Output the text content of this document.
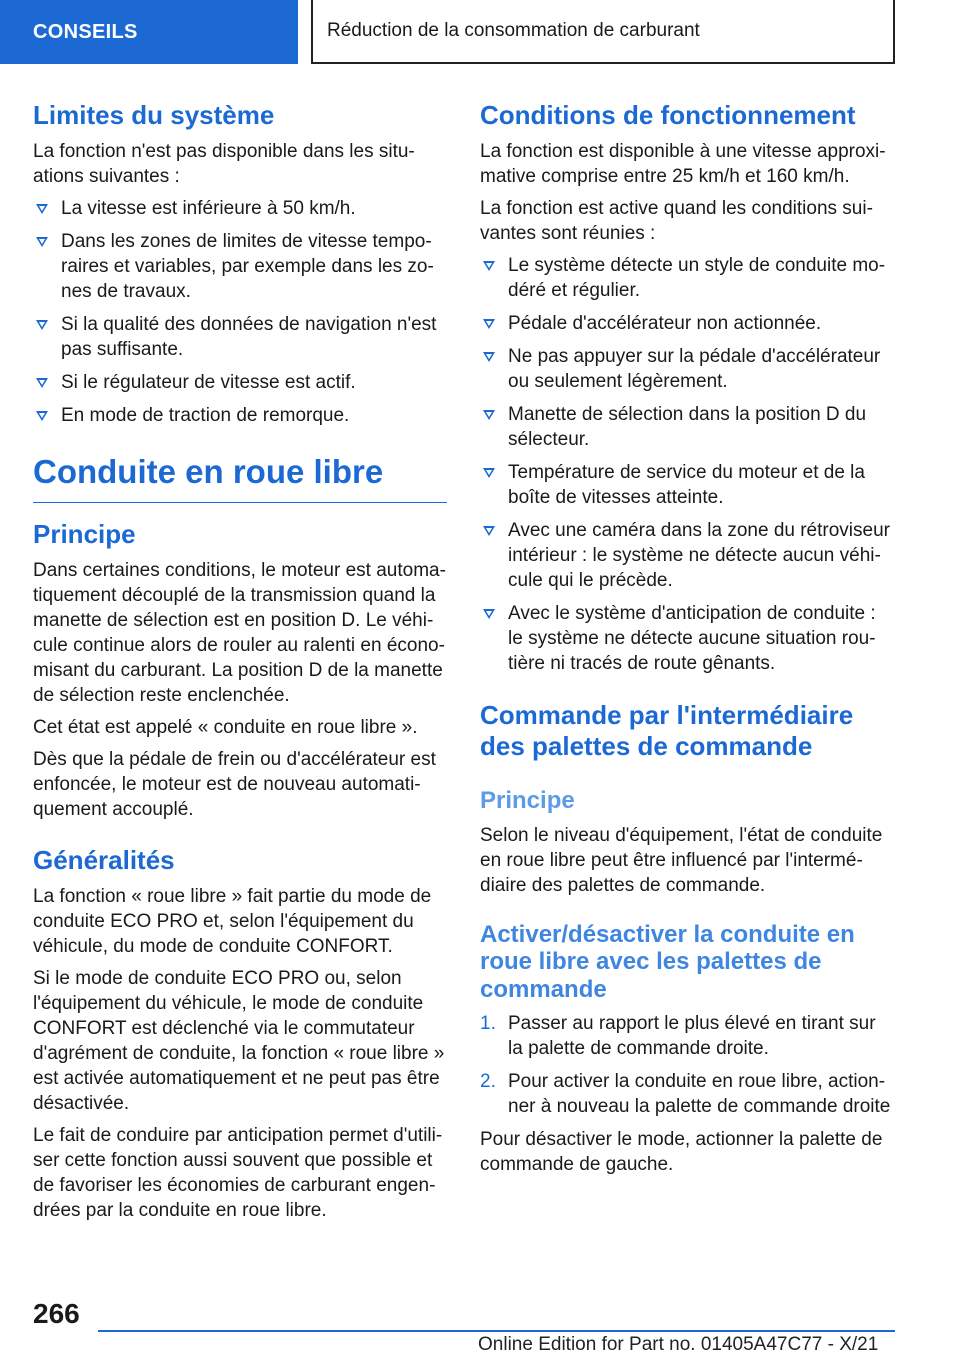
CONSEILS	Réduction de la consommation de carburant
Limites du système

La fonction n'est pas disponible dans les situ-ations suivantes :

La vitesse est inférieure à 50 km/h.
Dans les zones de limites de vitesse tempo-raires et variables, par exemple dans les zo-nes de travaux.
Si la qualité des données de navigation n'est pas suffisante.
Si le régulateur de vitesse est actif.
En mode de traction de remorque.
Conduite en roue libre
Principe

Dans certaines conditions, le moteur est automa-tiquement découplé de la transmission quand la manette de sélection est en position D. Le véhi-cule continue alors de rouler au ralenti en écono-misant du carburant. La position D de la manette de sélection reste enclenchée.

Cet état est appelé « conduite en roue libre ».

Dès que la pédale de frein ou d'accélérateur est enfoncée, le moteur est de nouveau automati-quement accouplé.

Généralités

La fonction « roue libre » fait partie du mode de conduite ECO PRO et, selon l'équipement du véhicule, du mode de conduite CONFORT.

Si le mode de conduite ECO PRO ou, selon l'équipement du véhicule, le mode de conduite CONFORT est déclenché via le commutateur d'agrément de conduite, la fonction « roue libre » est activée automatiquement et ne peut pas être désactivée.

Le fait de conduire par anticipation permet d'utili-ser cette fonction aussi souvent que possible et de favoriser les économies de carburant engen-drées par la conduite en roue libre.

Conditions de fonctionnement

La fonction est disponible à une vitesse approxi-mative comprise entre 25 km/h et 160 km/h.

La fonction est active quand les conditions sui-vantes sont réunies :

Le système détecte un style de conduite mo-déré et régulier.
Pédale d'accélérateur non actionnée.
Ne pas appuyer sur la pédale d'accélérateur ou seulement légèrement.
Manette de sélection dans la position D du sélecteur.
Température de service du moteur et de la boîte de vitesses atteinte.
Avec une caméra dans la zone du rétroviseur intérieur : le système ne détecte aucun véhi-cule qui le précède.
Avec le système d'anticipation de conduite : le système ne détecte aucune situation rou-tière ni tracés de route gênants.
Commande par l'intermédiaire des palettes de commande
Principe

Selon le niveau d'équipement, l'état de conduite en roue libre peut être influencé par l'intermé-diaire des palettes de commande.

Activer/désactiver la conduite en roue libre avec les palettes de commande
1. Passer au rapport le plus élevé en tirant sur la palette de commande droite.
2. Pour activer la conduite en roue libre, action-ner à nouveau la palette de commande droite

Pour désactiver le mode, actionner la palette de commande de gauche.

266
Online Edition for Part no. 01405A47C77 - X/21
